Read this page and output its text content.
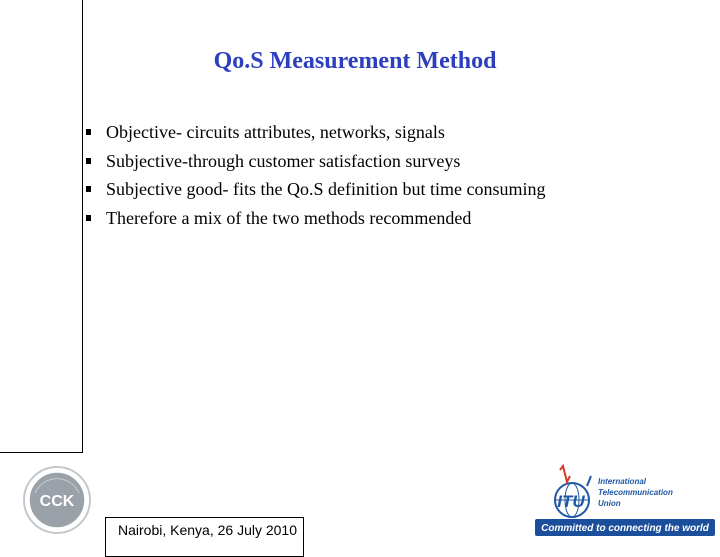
Qo.S Measurement Method
Objective- circuits attributes, networks, signals
Subjective-through customer satisfaction surveys
Subjective good- fits the Qo.S definition but time consuming
Therefore a mix of the two methods recommended
CCK
Nairobi, Kenya, 26 July 2010
ITU
International
Telecommunication
Union
Committed to connecting the world
